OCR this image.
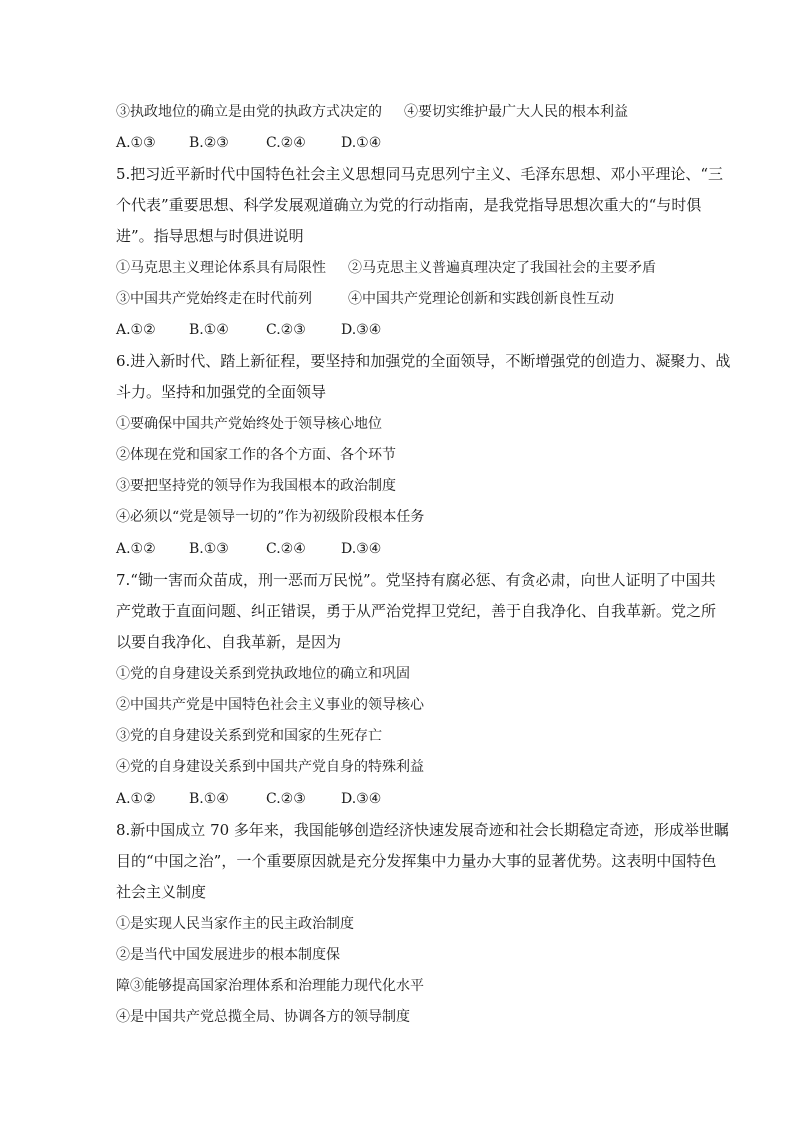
③执政地位的确立是由党的执政方式决定的 ④要切实维护最广大人民的根本利益
A.①③ B.②③	C.②④	D.①④
5.把习近平新时代中国特色社会主义思想同马克思列宁主义、毛泽东思想、邓小平理论、“三
个代表”重要思想、科学发展观道确立为党的行动指南，是我党指导思想次重大的“与时俱
进”。指导思想与时俱进说明
①马克思主义理论体系具有局限性 ②马克思主义普遍真理决定了我国社会的主要矛盾
③中国共产党始终走在时代前列	④中国共产党理论创新和实践创新良性互动
A.①② B.①④	C.②③	D.③④
6.进入新时代、踏上新征程，要坚持和加强党的全面领导，不断增强党的创造力、凝聚力、战
斗力。坚持和加强党的全面领导
①要确保中国共产党始终处于领导核心地位
②体现在党和国家工作的各个方面、各个环节
③要把坚持党的领导作为我国根本的政治制度
④必须以“党是领导一切的”作为初级阶段根本任务
A.①② B.①③	C.②④	D.③④
7.“锄一害而众苗成，刑一恶而万民悦”。党坚持有腐必惩、有贪必肃，向世人证明了中国共
产党敢于直面问题、纠正错误，勇于从严治党捍卫党纪，善于自我净化、自我革新。党之所
以要自我净化、自我革新，是因为
①党的自身建设关系到党执政地位的确立和巩固
②中国共产党是中国特色社会主义事业的领导核心
③党的自身建设关系到党和国家的生死存亡
④党的自身建设关系到中国共产党自身的特殊利益
A.①② B.①④	C.②③	D.③④
8.新中国成立 70 多年来，我国能够创造经济快速发展奇迹和社会长期稳定奇迹，形成举世瞩
目的“中国之治”，一个重要原因就是充分发挥集中力量办大事的显著优势。这表明中国特色
社会主义制度
①是实现人民当家作主的民主政治制度
②是当代中国发展进步的根本制度保
障③能够提高国家治理体系和治理能力现代化水平
④是中国共产党总揽全局、协调各方的领导制度
